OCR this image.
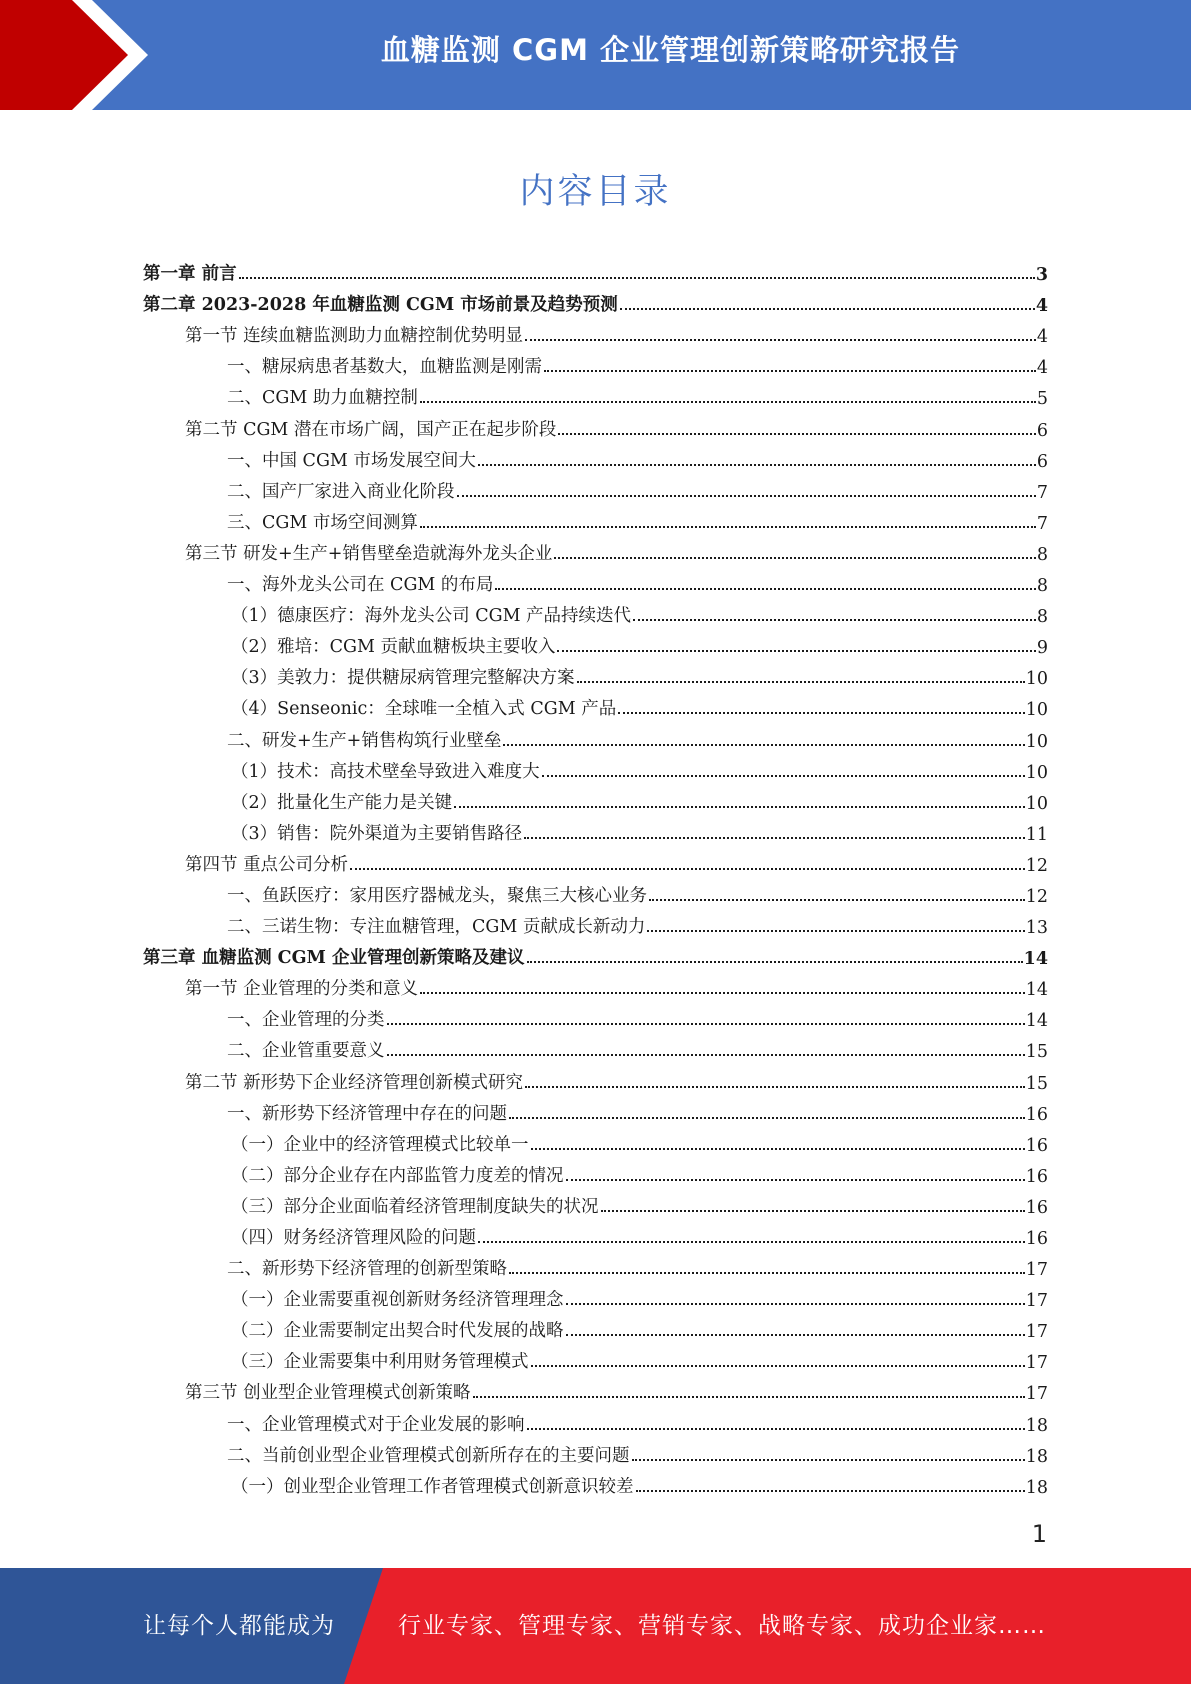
血糖监测 CGM 企业管理创新策略研究报告
内容目录
第一章 前言	3
第二章 2023-2028 年血糖监测 CGM 市场前景及趋势预测	4
第一节 连续血糖监测助力血糖控制优势明显	4
一、糖尿病患者基数大，血糖监测是刚需	4
二、CGM 助力血糖控制	5
第二节 CGM 潜在市场广阔，国产正在起步阶段	6
一、中国 CGM 市场发展空间大	6
二、国产厂家进入商业化阶段	7
三、CGM 市场空间测算	7
第三节 研发+生产+销售壁垒造就海外龙头企业	8
一、海外龙头公司在 CGM 的布局	8
（1）德康医疗：海外龙头公司 CGM 产品持续迭代	8
（2）雅培：CGM 贡献血糖板块主要收入	9
（3）美敦力：提供糖尿病管理完整解决方案	10
（4）Senseonic：全球唯一全植入式 CGM 产品	10
二、研发+生产+销售构筑行业壁垒	10
（1）技术：高技术壁垒导致进入难度大	10
（2）批量化生产能力是关键	10
（3）销售：院外渠道为主要销售路径	11
第四节 重点公司分析	12
一、鱼跃医疗：家用医疗器械龙头，聚焦三大核心业务	12
二、三诺生物：专注血糖管理，CGM 贡献成长新动力	13
第三章 血糖监测 CGM 企业管理创新策略及建议	14
第一节 企业管理的分类和意义	14
一、企业管理的分类	14
二、企业管重要意义	15
第二节 新形势下企业经济管理创新模式研究	15
一、新形势下经济管理中存在的问题	16
（一）企业中的经济管理模式比较单一	16
（二）部分企业存在内部监管力度差的情况	16
（三）部分企业面临着经济管理制度缺失的状况	16
（四）财务经济管理风险的问题	16
二、新形势下经济管理的创新型策略	17
（一）企业需要重视创新财务经济管理理念	17
（二）企业需要制定出契合时代发展的战略	17
（三）企业需要集中利用财务管理模式	17
第三节 创业型企业管理模式创新策略	17
一、企业管理模式对于企业发展的影响	18
二、当前创业型企业管理模式创新所存在的主要问题	18
（一）创业型企业管理工作者管理模式创新意识较差	18
1
让每个人都能成为	行业专家、管理专家、营销专家、战略专家、成功企业家……
